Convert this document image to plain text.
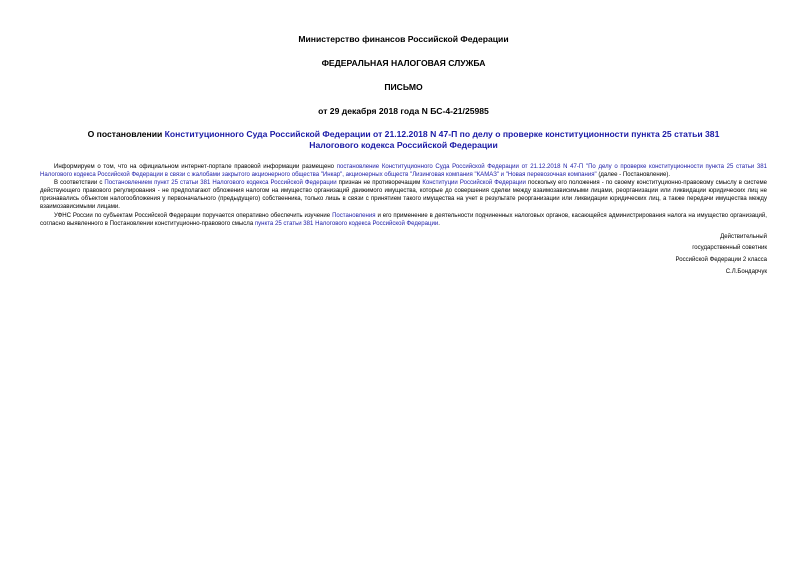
Министерство финансов Российской Федерации

ФЕДЕРАЛЬНАЯ НАЛОГОВАЯ СЛУЖБА

ПИСЬМО

от 29 декабря 2018 года N БС-4-21/25985

О постановлении Конституционного Суда Российской Федерации от 21.12.2018 N 47-П по делу о проверке конституционности пункта 25 статьи 381 Налогового кодекса Российской Федерации

Информируем о том, что на официальном интернет-портале правовой информации размещено постановление Конституционного Суда Российской Федерации от 21.12.2018 N 47-П "По делу о проверке конституционности пункта 25 статьи 381 Налогового кодекса Российской Федерации в связи с жалобами закрытого акционерного общества "Инкар", акционерных обществ "Лизинговая компания "КАМАЗ" и "Новая перевозочная компания" (далее - Постановление).

В соответствии с Постановлением пункт 25 статьи 381 Налогового кодекса Российской Федерации признан не противоречащим Конституции Российской Федерации поскольку его положения - по своему конституционно-правовому смыслу в системе действующего правового регулирования - не предполагают обложения налогом на имущество организаций движимого имущества, которые до совершения сделки между взаимозависимыми лицами, реорганизации или ликвидации юридических лиц не признавались объектом налогообложения у первоначального (предыдущего) собственника, только лишь в связи с принятием такого имущества на учет в результате реорганизации или ликвидации юридических лиц, а также передачи имущества между взаимозависимыми лицами.

УФНС России по субъектам Российской Федерации поручается оперативно обеспечить изучение Постановления и его применение в деятельности подчиненных налоговых органов, касающейся администрирования налога на имущество организаций, согласно выявленного в Постановлении конституционно-правового смысла пункта 25 статьи 381 Налогового кодекса Российской Федерации.

Действительный
государственный советник
Российской Федерации 2 класса
С.Л.Бондарчук
